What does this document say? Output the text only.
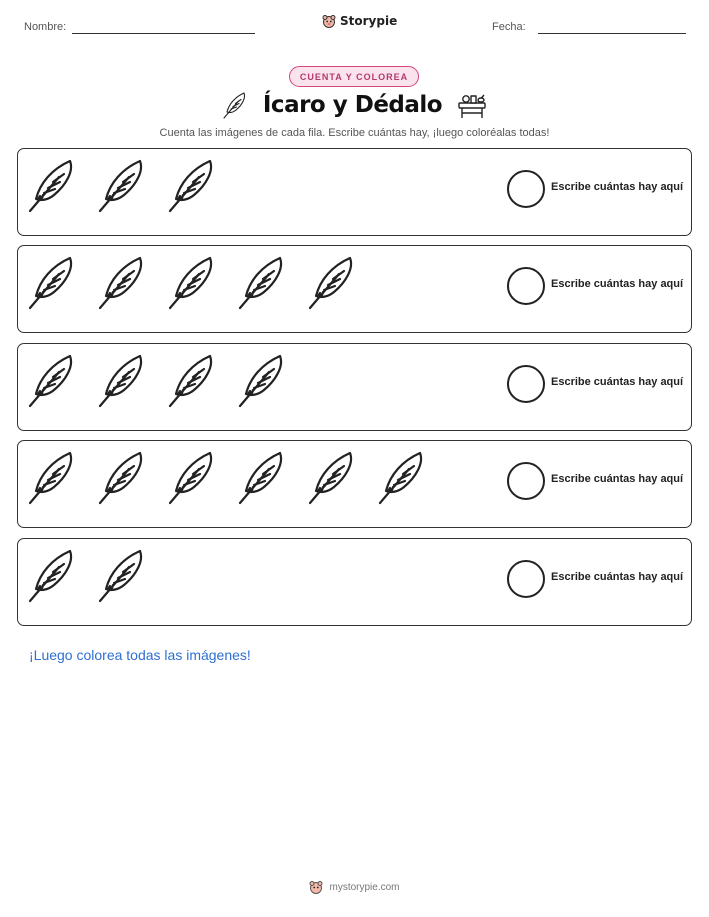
Nombre:	Storypie	Fecha:
CUENTA Y COLOREA
Ícaro y Dédalo
Cuenta las imágenes de cada fila. Escribe cuántas hay, ¡luego coloréalas todas!
Escribe cuántas hay aquí
Escribe cuántas hay aquí
Escribe cuántas hay aquí
Escribe cuántas hay aquí
Escribe cuántas hay aquí
¡Luego colorea todas las imágenes!
mystorypie.com
